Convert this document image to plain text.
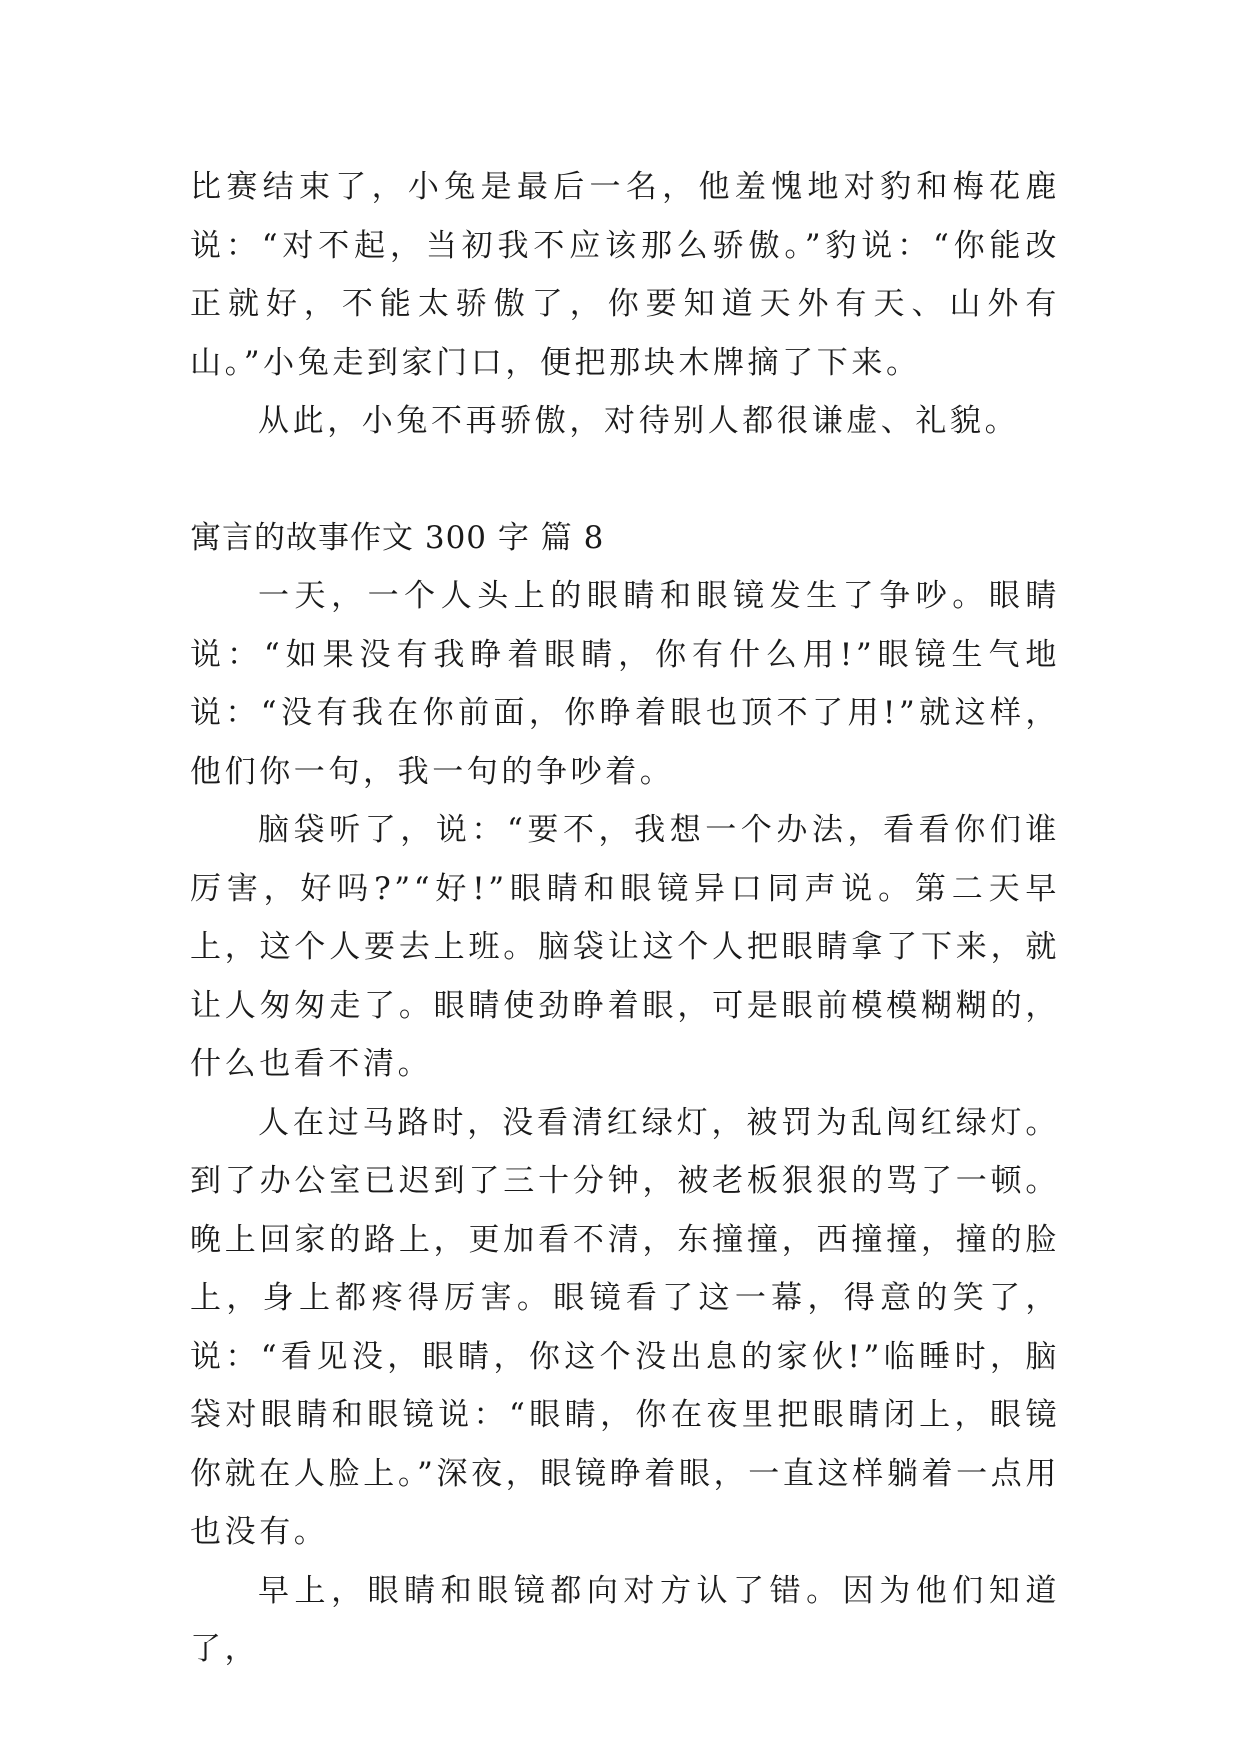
比赛结束了，小兔是最后一名，他羞愧地对豹和梅花鹿说：“对不起，当初我不应该那么骄傲。”豹说：“你能改正就好，不能太骄傲了，你要知道天外有天、山外有山。”小兔走到家门口，便把那块木牌摘了下来。

从此，小兔不再骄傲，对待别人都很谦虚、礼貌。

寓言的故事作文 300 字 篇 8

一天，一个人头上的眼睛和眼镜发生了争吵。眼睛说：“如果没有我睁着眼睛，你有什么用!”眼镜生气地说：“没有我在你前面，你睁着眼也顶不了用!”就这样，他们你一句，我一句的争吵着。

脑袋听了，说：“要不，我想一个办法，看看你们谁厉害，好吗?”“好!”眼睛和眼镜异口同声说。第二天早上，这个人要去上班。脑袋让这个人把眼睛拿了下来，就让人匆匆走了。眼睛使劲睁着眼，可是眼前模模糊糊的，什么也看不清。

人在过马路时，没看清红绿灯，被罚为乱闯红绿灯。到了办公室已迟到了三十分钟，被老板狠狠的骂了一顿。晚上回家的路上，更加看不清，东撞撞，西撞撞，撞的脸上，身上都疼得厉害。眼镜看了这一幕，得意的笑了，说：“看见没，眼睛，你这个没出息的家伙!”临睡时，脑袋对眼睛和眼镜说：“眼睛，你在夜里把眼睛闭上，眼镜你就在人脸上。”深夜，眼镜睁着眼，一直这样躺着一点用也没有。

早上，眼睛和眼镜都向对方认了错。因为他们知道了，
